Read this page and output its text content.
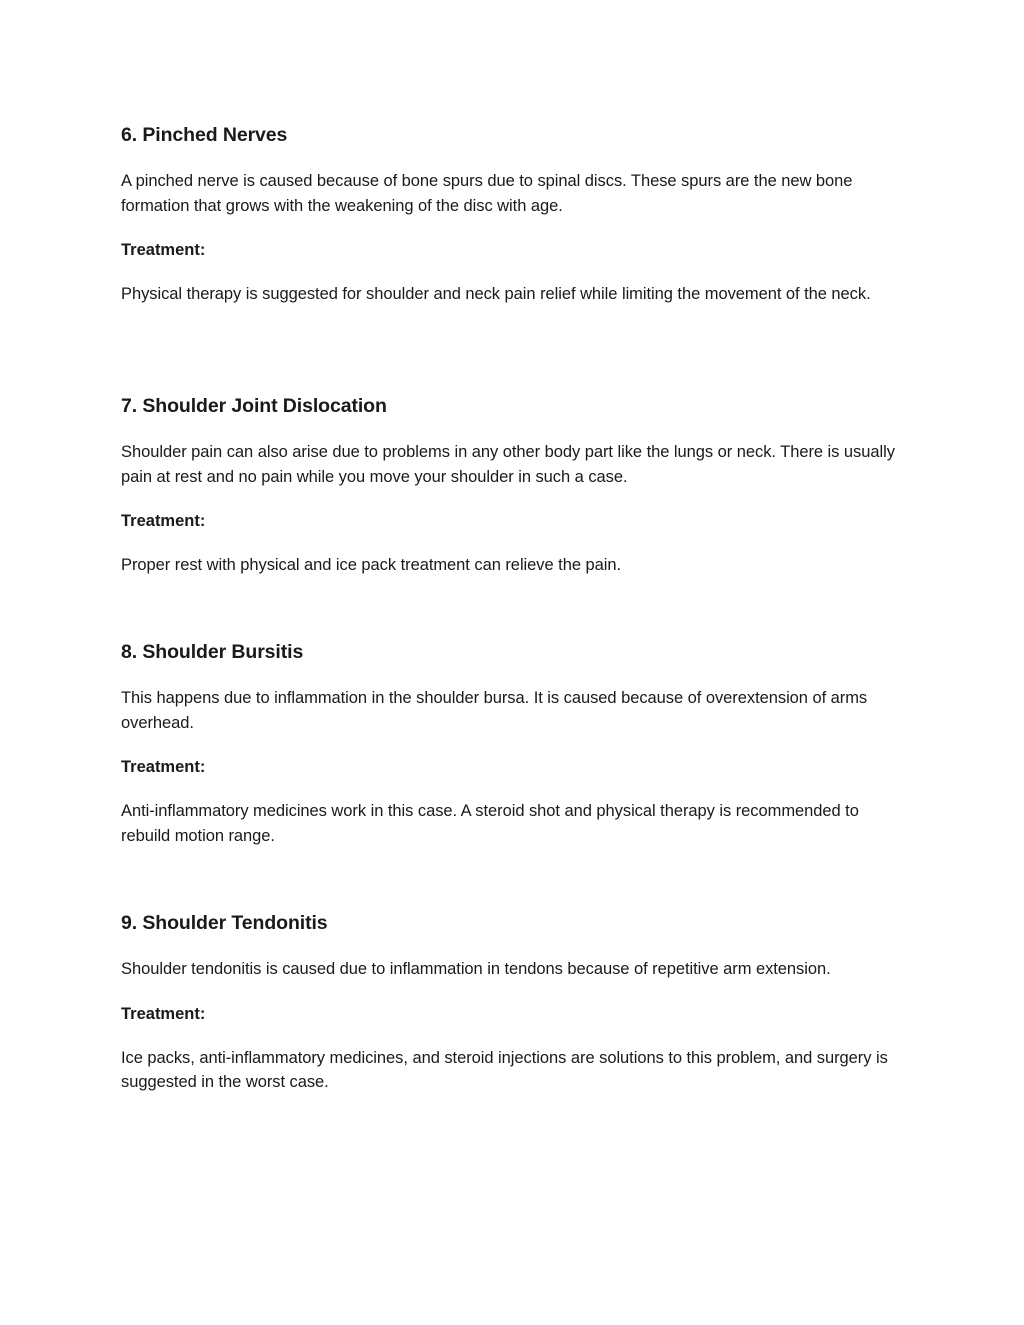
6. Pinched Nerves

A pinched nerve is caused because of bone spurs due to spinal discs. These spurs are the new bone formation that grows with the weakening of the disc with age.

Treatment:

Physical therapy is suggested for shoulder and neck pain relief while limiting the movement of the neck.

7. Shoulder Joint Dislocation

Shoulder pain can also arise due to problems in any other body part like the lungs or neck. There is usually pain at rest and no pain while you move your shoulder in such a case.

Treatment:

Proper rest with physical and ice pack treatment can relieve the pain.

8. Shoulder Bursitis

This happens due to inflammation in the shoulder bursa. It is caused because of overextension of arms overhead.

Treatment:

Anti-inflammatory medicines work in this case. A steroid shot and physical therapy is recommended to rebuild motion range.

9. Shoulder Tendonitis

Shoulder tendonitis is caused due to inflammation in tendons because of repetitive arm extension.

Treatment:

Ice packs, anti-inflammatory medicines, and steroid injections are solutions to this problem, and surgery is suggested in the worst case.
